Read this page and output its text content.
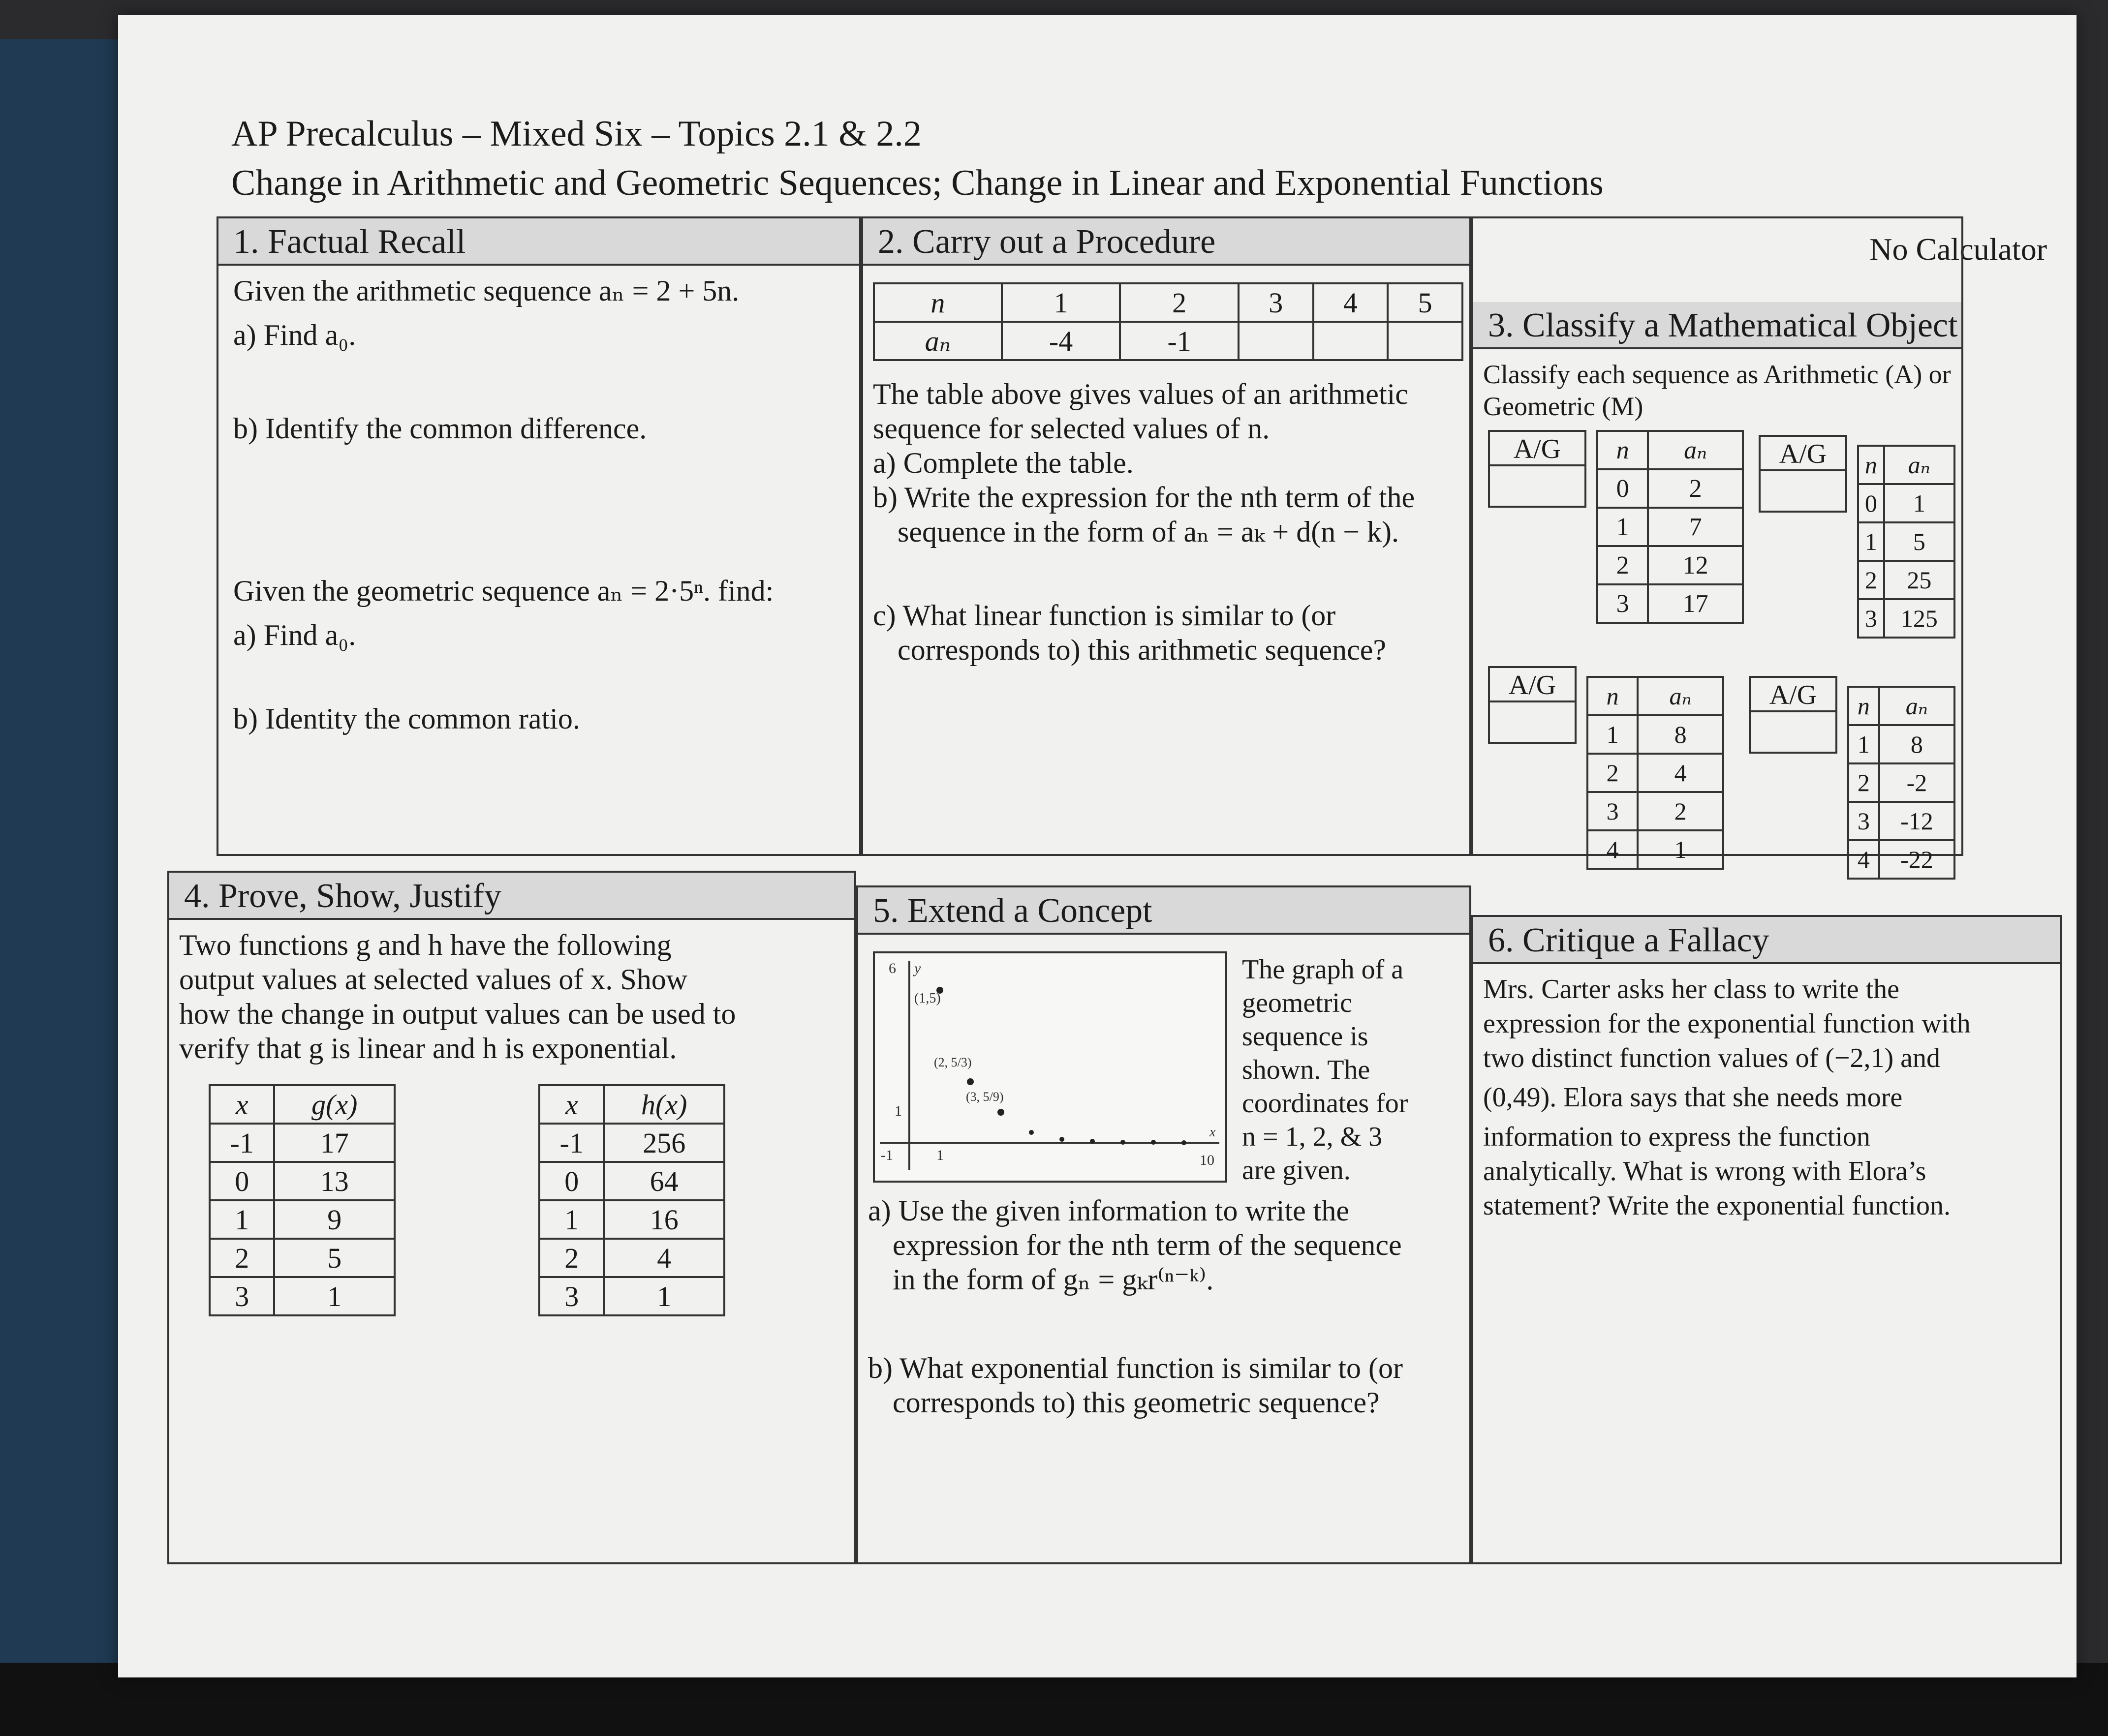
AP Precalculus – Mixed Six – Topics 2.1 & 2.2
Change in Arithmetic and Geometric Sequences; Change in Linear and Exponential Functions
No Calculator
1. Factual Recall
Given the arithmetic sequence aₙ = 2 + 5n.
a) Find a₀.
b) Identify the common difference.
Given the geometric sequence aₙ = 2·5ⁿ. find:
a) Find a₀.
b) Identity the common ratio.
2. Carry out a Procedure
n	1	2	3	4	5
aₙ	-4	-1			
The table above gives values of an arithmetic
sequence for selected values of n.
a) Complete the table.
b) Write the expression for the nth term of the
sequence in the form of aₙ = aₖ + d(n − k).
c) What linear function is similar to (or
corresponds to) this arithmetic sequence?
3. Classify a Mathematical Object
Classify each sequence as Arithmetic (A) or
Geometric (M)
A/G	n	aₙ
0	2
1	7
2	12
3	17
A/G	n	aₙ
0	1
1	5
2	25
3	125
A/G	n	aₙ
1	8
2	4
3	2
4	1
A/G	n	aₙ
1	8
2	-2
3	-12
4	-22
4. Prove, Show, Justify
Two functions g and h have the following
output values at selected values of x. Show
how the change in output values can be used to
verify that g is linear and h is exponential.
x	g(x)
-1	17
0	13
1	9
2	5
3	1
x	h(x)
-1	256
0	64
1	16
2	4
3	1
5. Extend a Concept
6 y
1
-1	1	10
x
(1,5)
(2, 5/3)
(3, 5/9)
The graph of a
geometric
sequence is
shown. The
coordinates for
n = 1, 2, & 3
are given.
a) Use the given information to write the
expression for the nth term of the sequence
in the form of gₙ = gₖr⁽ⁿ⁻ᵏ⁾.
b) What exponential function is similar to (or
corresponds to) this geometric sequence?
6. Critique a Fallacy
Mrs. Carter asks her class to write the
expression for the exponential function with
two distinct function values of (−2,1) and
(0,49). Elora says that she needs more
information to express the function
analytically. What is wrong with Elora’s
statement? Write the exponential function.
